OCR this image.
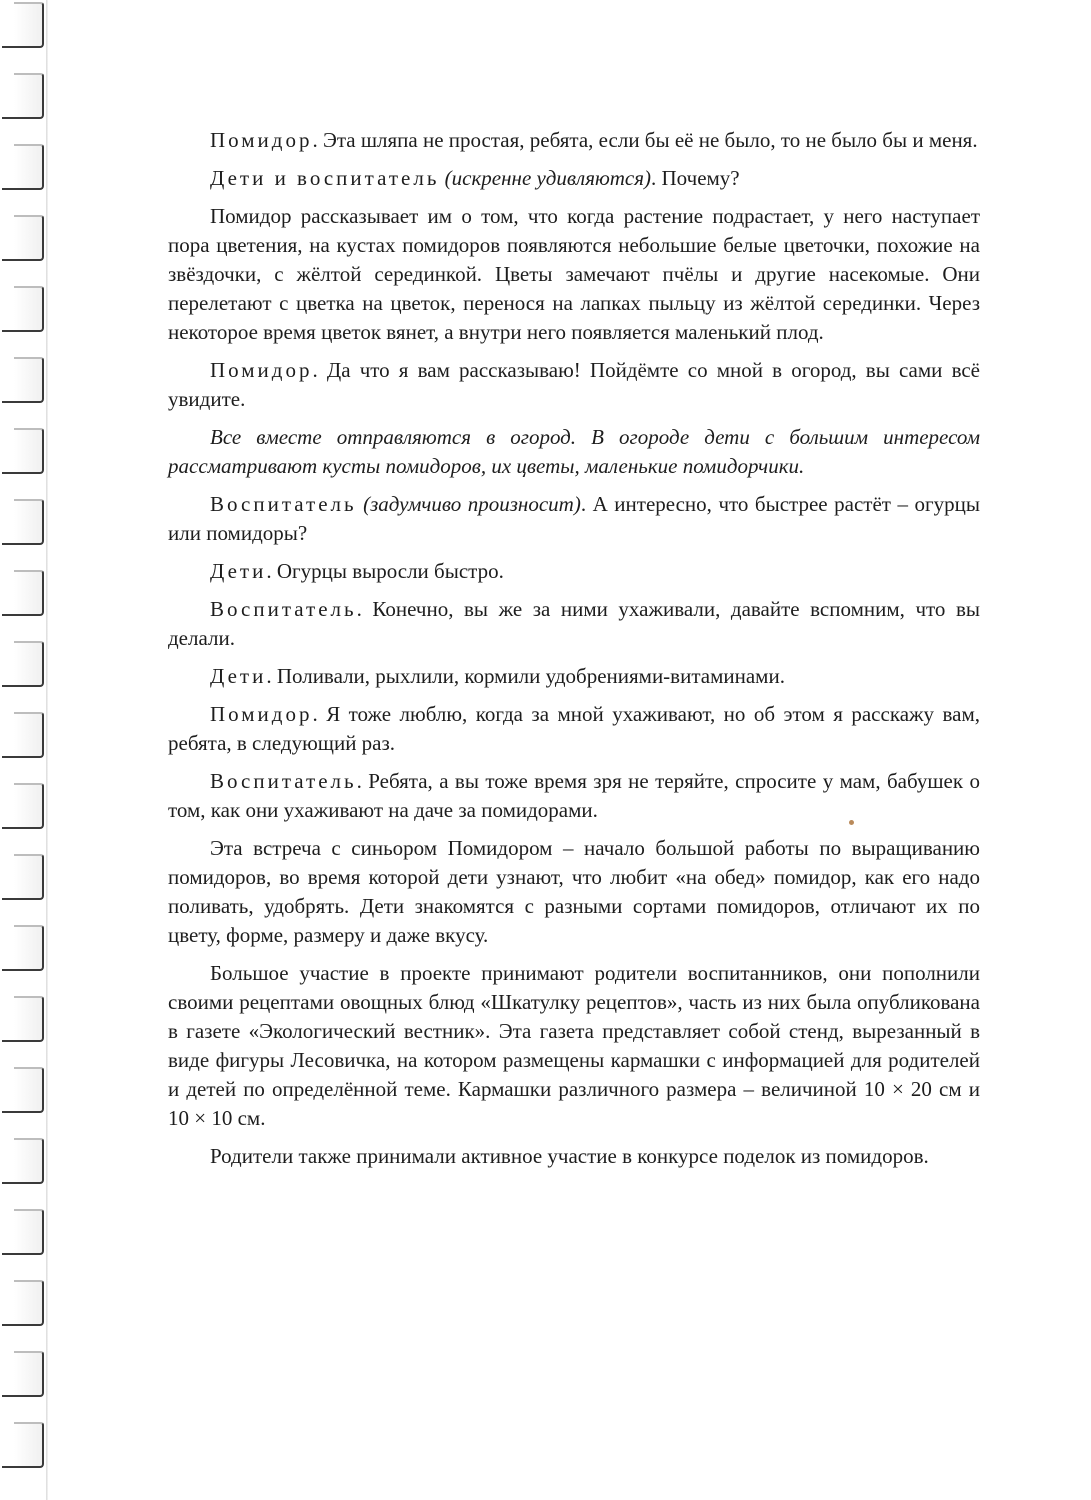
Помидор. Эта шляпа не простая, ребята, если бы её не было, то не было бы и меня.

Дети и воспитатель (искренне удивляются). Почему?

Помидор рассказывает им о том, что когда растение подрастает, у него наступает пора цветения, на кустах помидоров появляются небольшие белые цветочки, похожие на звёздочки, с жёлтой серединкой. Цветы замечают пчёлы и другие насекомые. Они перелетают с цветка на цветок, перенося на лапках пыльцу из жёлтой серединки. Через некоторое время цветок вянет, а внутри него появляется маленький плод.

Помидор. Да что я вам рассказываю! Пойдёмте со мной в огород, вы сами всё увидите.

Все вместе отправляются в огород. В огороде дети с большим интересом рассматривают кусты помидоров, их цветы, маленькие помидорчики.

Воспитатель (задумчиво произносит). А интересно, что быстрее растёт – огурцы или помидоры?

Дети. Огурцы выросли быстро.

Воспитатель. Конечно, вы же за ними ухаживали, давайте вспомним, что вы делали.

Дети. Поливали, рыхлили, кормили удобрениями-витаминами.

Помидор. Я тоже люблю, когда за мной ухаживают, но об этом я расскажу вам, ребята, в следующий раз.

Воспитатель. Ребята, а вы тоже время зря не теряйте, спросите у мам, бабушек о том, как они ухаживают на даче за помидорами.

Эта встреча с синьором Помидором – начало большой работы по выращиванию помидоров, во время которой дети узнают, что любит «на обед» помидор, как его надо поливать, удобрять. Дети знакомятся с разными сортами помидоров, отличают их по цвету, форме, размеру и даже вкусу.

Большое участие в проекте принимают родители воспитанников, они пополнили своими рецептами овощных блюд «Шкатулку рецептов», часть из них была опубликована в газете «Экологический вестник». Эта газета представляет собой стенд, вырезанный в виде фигуры Лесовичка, на котором размещены кармашки с информацией для родителей и детей по определённой теме. Кармашки различного размера – величиной 10 × 20 см и 10 × 10 см.

Родители также принимали активное участие в конкурсе поделок из помидоров.
